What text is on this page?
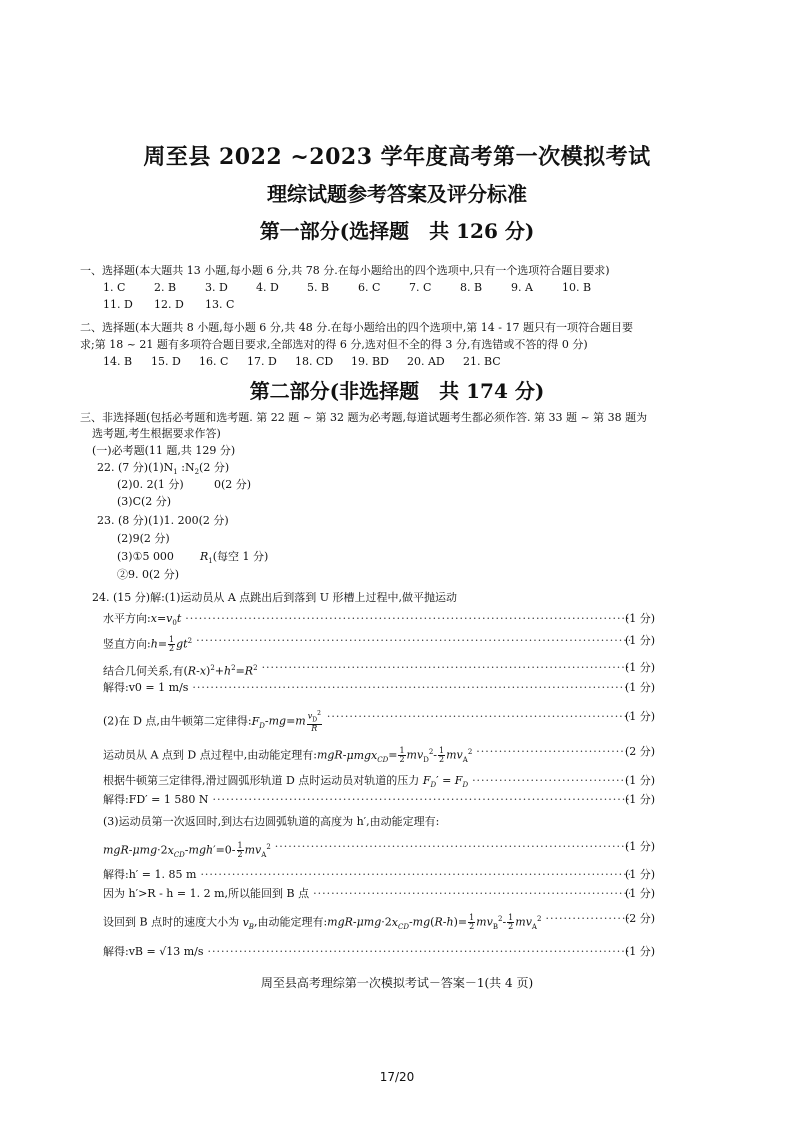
周至县 2022 ~2023 学年度高考第一次模拟考试
理综试题参考答案及评分标准
第一部分(选择题　共 126 分)
一、选择题(本大题共 13 小题,每小题 6 分,共 78 分.在每小题给出的四个选项中,只有一个选项符合题目要求)
1. C	2. B	3. D	4. D	5. B	6. C	7. C	8. B	9. A	10. B
11. D 12. D 13. C
二、选择题(本大题共 8 小题,每小题 6 分,共 48 分.在每小题给出的四个选项中,第 14 - 17 题只有一项符合题目要
求;第 18 ~ 21 题有多项符合题目要求,全部选对的得 6 分,选对但不全的得 3 分,有选错或不答的得 0 分)
14. B 15. D 16. C 17. D 18. CD 19. BD 20. AD 21. BC
第二部分(非选择题　共 174 分)
三、非选择题(包括必考题和选考题. 第 22 题 ~ 第 32 题为必考题,每道试题考生都必须作答. 第 33 题 ~ 第 38 题为
选考题,考生根据要求作答)
(一)必考题(11 题,共 129 分)
22. (7 分)$(1)N_1$ $:N_2(2$ 分)
(2)0. 2(1 分)	0(2 分)
(3)C(2 分)
23. (8 分)(1)1. 200(2 分)
(2)9(2 分)
(3)①5 000 $R_1$(每空 1 分)
②9. 0(2 分)
24. (15 分)解:(1)运动员从 A 点跳出后到落到 U 形槽上过程中,做平抛运动
水平方向$:x=v_0t$ ·····	(1 分)
竖直方向:h= $\frac{1}{2} gt^2$ ·····	(1 分)
结合几何关系,有$(R-x)^2+h^2=R^2$ ·····	(1 分)
解得:v0 = 1 m/s ·····	(1 分)
(2)在 D 点,由牛顿第二定律得$:F_D-mg=m \frac{v_D^2}{R}$ ·····	(1 分)
运动员从 A 点到 D 点过程中,由动能定理有:mgR-μmgx$_{CD}$= $\frac{1}{2} mv_D^2- \frac{1}{2} mv_A^2$ ·····	(2 分)
根据牛顿第三定律得,滑过圆弧形轨道 D 点时运动员对轨道的压力 $F_D' = F_D$ ·····	(1 分)
解得:FD′ = 1 580 N ·····	(1 分)
(3)运动员第一次返回时,到达右边圆弧轨道的高度为 h′,由动能定理有:
mgR-$\mu mg\cdot 2x_{CD}-mgh'=0- \frac{1}{2} mv_A^2$ ·····	(1 分)
解得:h′ = 1. 85 m ·····	(1 分)
因为 h′>R - h = 1. 2 m,所以能回到 B 点 ·····	(1 分)
设回到 B 点时的速度大小为 $v_B$,由动能定理有$:mgR-\mu mg\cdot 2x_{CD}-mg(R-h)= \frac{1}{2} mv_B^2- \frac{1}{2} mv_A^2$ ·····	(2 分)
解得:vB = √13 m/s ·····	(1 分)
周至县高考理综第一次模拟考试－答案－1(共 4 页)
17/20
